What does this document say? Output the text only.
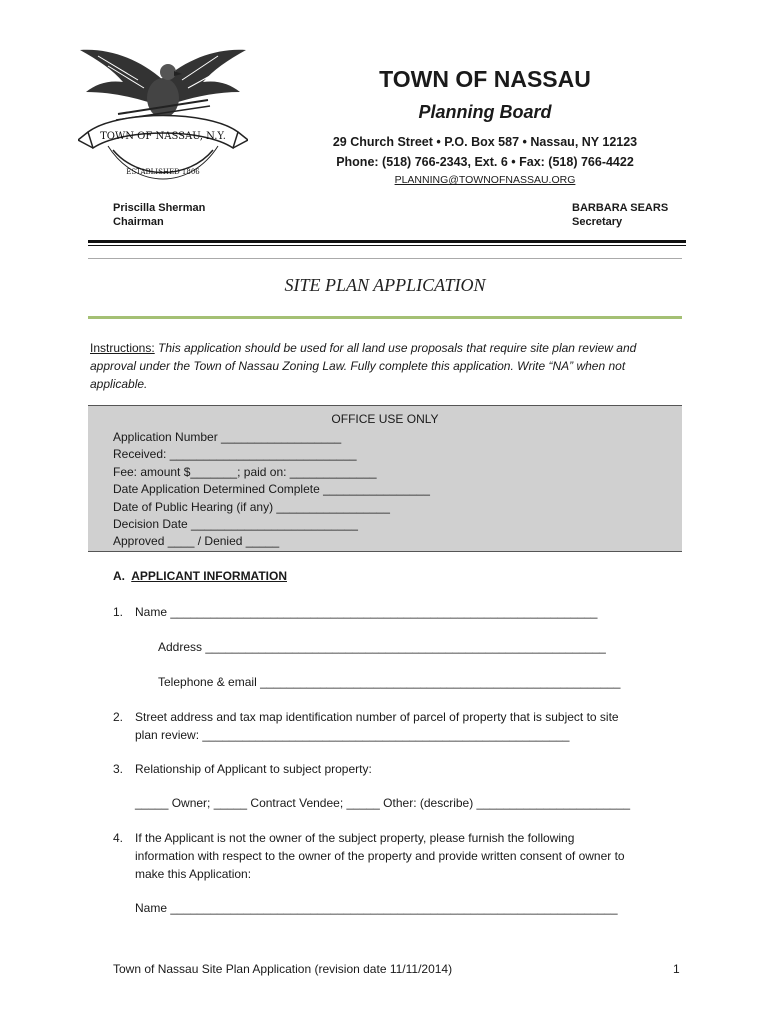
TOWN OF NASSAU, N.Y.
ESTABLISHED 1806
TOWN OF NASSAU
Planning Board
29 Church Street • P.O. Box 587 • Nassau, NY 12123
Phone: (518) 766-2343, Ext. 6 • Fax: (518) 766-4422
PLANNING@TOWNOFNASSAU.ORG
Priscilla Sherman
Chairman
BARBARA SEARS
Secretary
SITE PLAN APPLICATION
Instructions: This application should be used for all land use proposals that require site plan review and approval under the Town of Nassau Zoning Law. Fully complete this application. Write “NA” when not applicable.
OFFICE USE ONLY
Application Number __________________
Received: ____________________________
Fee: amount $_______; paid on: _____________
Date Application Determined Complete ________________
Date of Public Hearing (if any) _________________
Decision Date _________________________
Approved ____ / Denied _____
A. APPLICANT INFORMATION
1. Name ________________________________________________________________
Address ____________________________________________________________
Telephone & email ______________________________________________________
2. Street address and tax map identification number of parcel of property that is subject to site
plan review: _______________________________________________________
3. Relationship of Applicant to subject property:
_____ Owner; _____ Contract Vendee; _____ Other: (describe) _______________________
4. If the Applicant is not the owner of the subject property, please furnish the following
information with respect to the owner of the property and provide written consent of owner to
make this Application:
Name ___________________________________________________________________
Town of Nassau Site Plan Application (revision date 11/11/2014)	1
